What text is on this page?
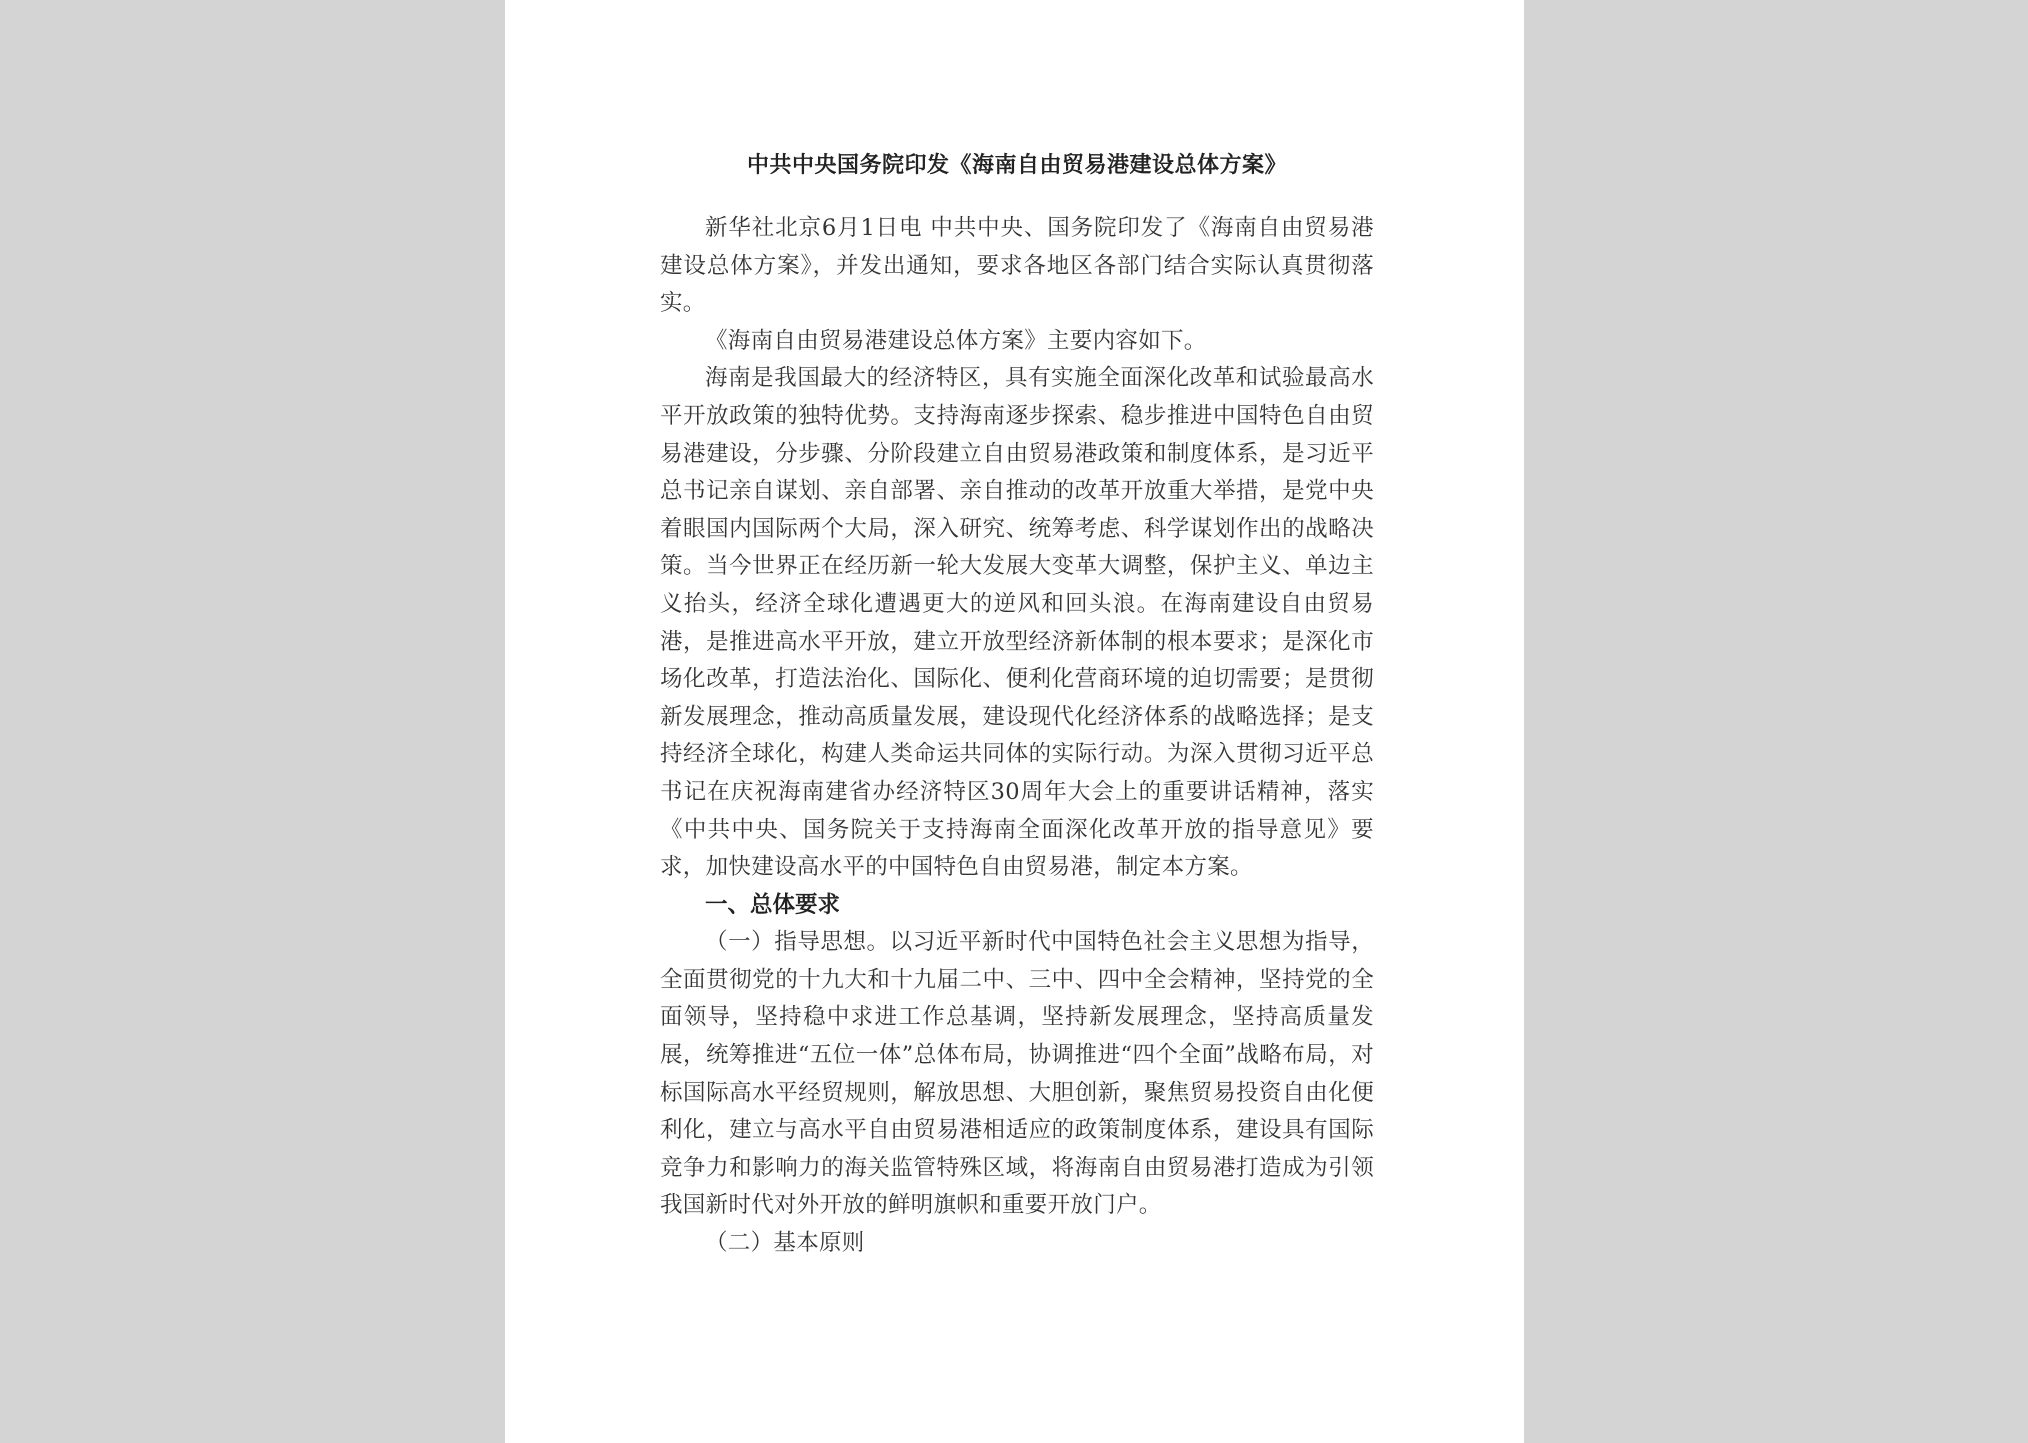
中共中央国务院印发《海南自由贸易港建设总体方案》

新华社北京6月1日电 中共中央、国务院印发了《海南自由贸易港建设总体方案》，并发出通知，要求各地区各部门结合实际认真贯彻落实。

《海南自由贸易港建设总体方案》主要内容如下。

海南是我国最大的经济特区，具有实施全面深化改革和试验最高水平开放政策的独特优势。支持海南逐步探索、稳步推进中国特色自由贸易港建设，分步骤、分阶段建立自由贸易港政策和制度体系，是习近平总书记亲自谋划、亲自部署、亲自推动的改革开放重大举措，是党中央着眼国内国际两个大局，深入研究、统筹考虑、科学谋划作出的战略决策。当今世界正在经历新一轮大发展大变革大调整，保护主义、单边主义抬头，经济全球化遭遇更大的逆风和回头浪。在海南建设自由贸易港，是推进高水平开放，建立开放型经济新体制的根本要求；是深化市场化改革，打造法治化、国际化、便利化营商环境的迫切需要；是贯彻新发展理念，推动高质量发展，建设现代化经济体系的战略选择；是支持经济全球化，构建人类命运共同体的实际行动。为深入贯彻习近平总书记在庆祝海南建省办经济特区30周年大会上的重要讲话精神，落实《中共中央、国务院关于支持海南全面深化改革开放的指导意见》要求，加快建设高水平的中国特色自由贸易港，制定本方案。

一、总体要求

（一）指导思想。以习近平新时代中国特色社会主义思想为指导，全面贯彻党的十九大和十九届二中、三中、四中全会精神，坚持党的全面领导，坚持稳中求进工作总基调，坚持新发展理念，坚持高质量发展，统筹推进“五位一体”总体布局，协调推进“四个全面”战略布局，对标国际高水平经贸规则，解放思想、大胆创新，聚焦贸易投资自由化便利化，建立与高水平自由贸易港相适应的政策制度体系，建设具有国际竞争力和影响力的海关监管特殊区域，将海南自由贸易港打造成为引领我国新时代对外开放的鲜明旗帜和重要开放门户。

（二）基本原则
